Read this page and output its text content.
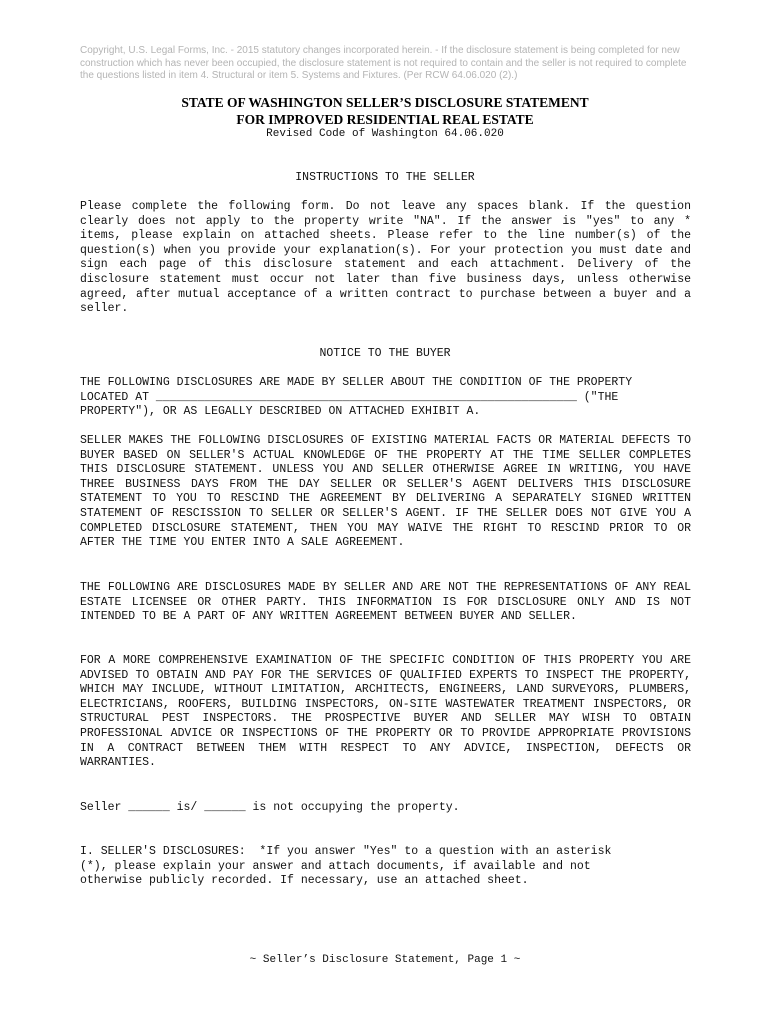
Copyright, U.S. Legal Forms, Inc. - 2015 statutory changes incorporated herein. - If the disclosure statement is being completed for new construction which has never been occupied, the disclosure statement is not required to contain and the seller is not required to complete the questions listed in item 4. Structural or item 5. Systems and Fixtures. (Per RCW 64.06.020 (2).)
STATE OF WASHINGTON SELLER’S DISCLOSURE STATEMENT
FOR IMPROVED RESIDENTIAL REAL ESTATE
Revised Code of Washington 64.06.020
INSTRUCTIONS TO THE SELLER
Please complete the following form. Do not leave any spaces blank. If the question clearly does not apply to the property write "NA". If the answer is "yes" to any * items, please explain on attached sheets. Please refer to the line number(s) of the question(s) when you provide your explanation(s). For your protection you must date and sign each page of this disclosure statement and each attachment. Delivery of the disclosure statement must occur not later than five business days, unless otherwise agreed, after mutual acceptance of a written contract to purchase between a buyer and a seller.
NOTICE TO THE BUYER
THE FOLLOWING DISCLOSURES ARE MADE BY SELLER ABOUT THE CONDITION OF THE PROPERTY
LOCATED AT _____________________________________________________________ ("THE
PROPERTY"), OR AS LEGALLY DESCRIBED ON ATTACHED EXHIBIT A.
SELLER MAKES THE FOLLOWING DISCLOSURES OF EXISTING MATERIAL FACTS OR MATERIAL DEFECTS TO BUYER BASED ON SELLER'S ACTUAL KNOWLEDGE OF THE PROPERTY AT THE TIME SELLER COMPLETES THIS DISCLOSURE STATEMENT. UNLESS YOU AND SELLER OTHERWISE AGREE IN WRITING, YOU HAVE THREE BUSINESS DAYS FROM THE DAY SELLER OR SELLER'S AGENT DELIVERS THIS DISCLOSURE STATEMENT TO YOU TO RESCIND THE AGREEMENT BY DELIVERING A SEPARATELY SIGNED WRITTEN STATEMENT OF RESCISSION TO SELLER OR SELLER'S AGENT. IF THE SELLER DOES NOT GIVE YOU A COMPLETED DISCLOSURE STATEMENT, THEN YOU MAY WAIVE THE RIGHT TO RESCIND PRIOR TO OR AFTER THE TIME YOU ENTER INTO A SALE AGREEMENT.
THE FOLLOWING ARE DISCLOSURES MADE BY SELLER AND ARE NOT THE REPRESENTATIONS OF ANY REAL ESTATE LICENSEE OR OTHER PARTY. THIS INFORMATION IS FOR DISCLOSURE ONLY AND IS NOT INTENDED TO BE A PART OF ANY WRITTEN AGREEMENT BETWEEN BUYER AND SELLER.
FOR A MORE COMPREHENSIVE EXAMINATION OF THE SPECIFIC CONDITION OF THIS PROPERTY YOU ARE ADVISED TO OBTAIN AND PAY FOR THE SERVICES OF QUALIFIED EXPERTS TO INSPECT THE PROPERTY, WHICH MAY INCLUDE, WITHOUT LIMITATION, ARCHITECTS, ENGINEERS, LAND SURVEYORS, PLUMBERS, ELECTRICIANS, ROOFERS, BUILDING INSPECTORS, ON-SITE WASTEWATER TREATMENT INSPECTORS, OR STRUCTURAL PEST INSPECTORS. THE PROSPECTIVE BUYER AND SELLER MAY WISH TO OBTAIN PROFESSIONAL ADVICE OR INSPECTIONS OF THE PROPERTY OR TO PROVIDE APPROPRIATE PROVISIONS IN A CONTRACT BETWEEN THEM WITH RESPECT TO ANY ADVICE, INSPECTION, DEFECTS OR WARRANTIES.
Seller ______ is/ ______ is not occupying the property.
I. SELLER'S DISCLOSURES:  *If you answer "Yes" to a question with an asterisk
(*), please explain your answer and attach documents, if available and not
otherwise publicly recorded. If necessary, use an attached sheet.
~ Seller’s Disclosure Statement, Page 1 ~
